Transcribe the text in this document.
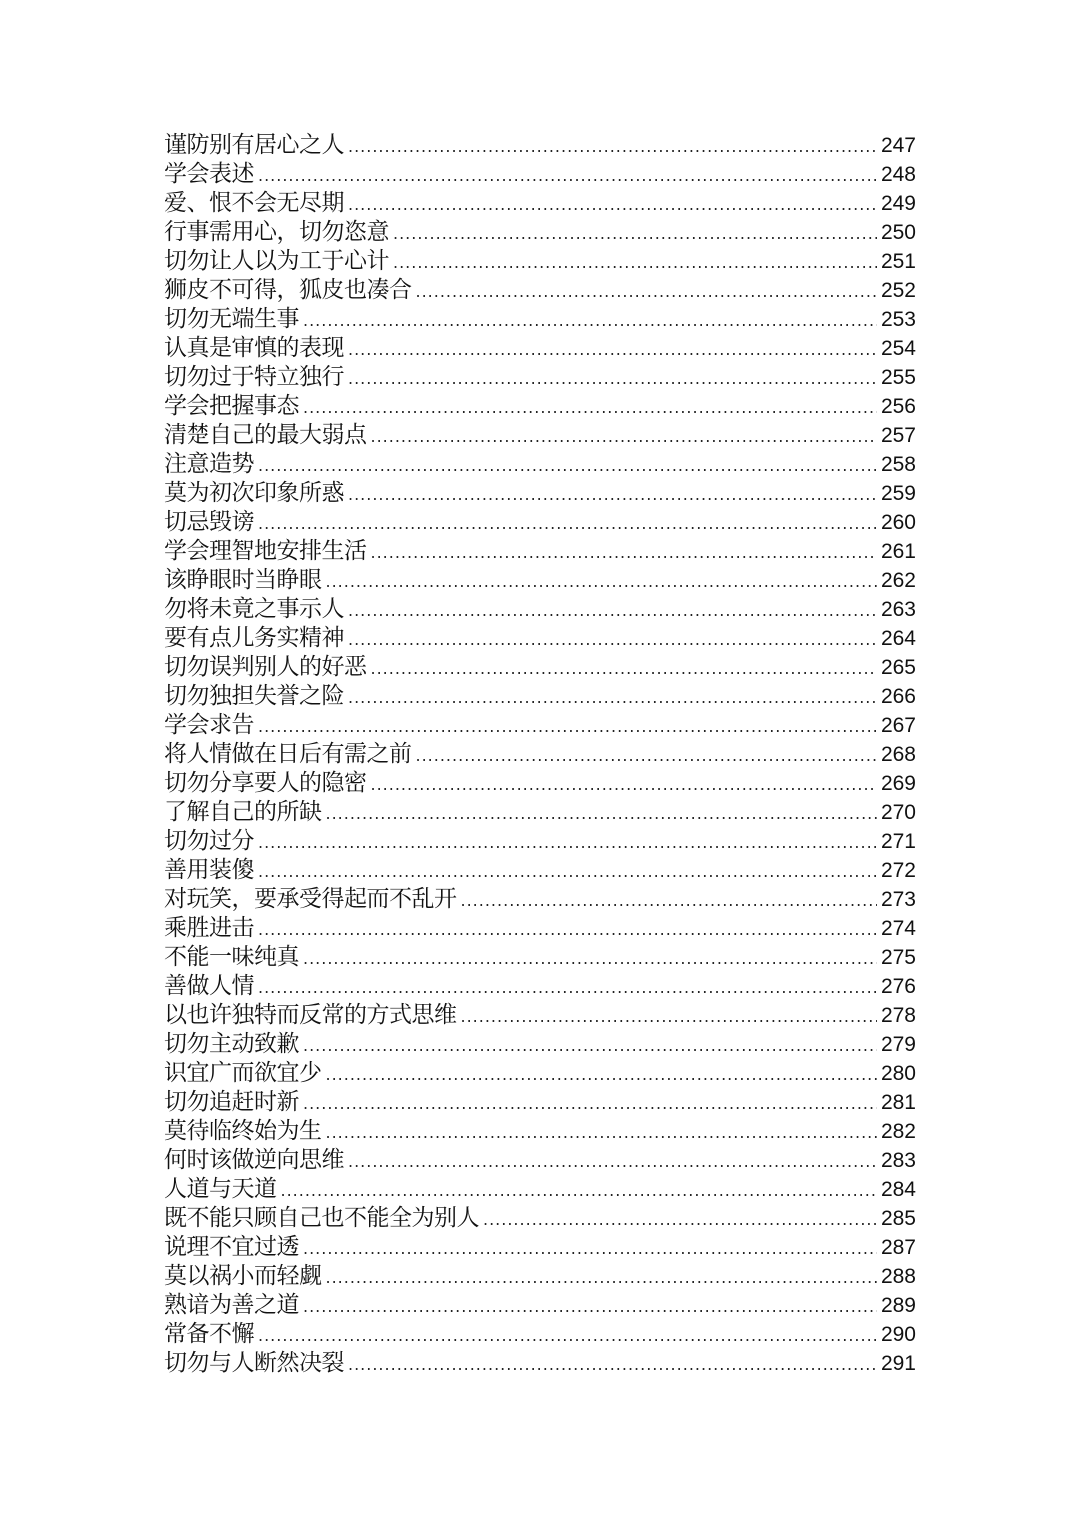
谨防别有居心之人 .....	247
学会表述 .....	248
爱、恨不会无尽期 .....	249
行事需用心，切勿恣意 .....	250
切勿让人以为工于心计 .....	251
狮皮不可得，狐皮也凑合 .....	252
切勿无端生事 .....	253
认真是审慎的表现 .....	254
切勿过于特立独行 .....	255
学会把握事态 .....	256
清楚自己的最大弱点 .....	257
注意造势 .....	258
莫为初次印象所惑 .....	259
切忌毁谤 .....	260
学会理智地安排生活 .....	261
该睁眼时当睁眼 .....	262
勿将未竟之事示人 .....	263
要有点儿务实精神 .....	264
切勿误判别人的好恶 .....	265
切勿独担失誉之险 .....	266
学会求告 .....	267
将人情做在日后有需之前 .....	268
切勿分享要人的隐密 .....	269
了解自己的所缺 .....	270
切勿过分 .....	271
善用装傻 .....	272
对玩笑，要承受得起而不乱开 .....	273
乘胜进击 .....	274
不能一味纯真 .....	275
善做人情 .....	276
以也许独特而反常的方式思维 .....	278
切勿主动致歉 .....	279
识宜广而欲宜少 .....	280
切勿追赶时新 .....	281
莫待临终始为生 .....	282
何时该做逆向思维 .....	283
人道与天道 .....	284
既不能只顾自己也不能全为别人 .....	285
说理不宜过透 .....	287
莫以祸小而轻觑 .....	288
熟谙为善之道 .....	289
常备不懈 .....	290
切勿与人断然决裂 .....	291
